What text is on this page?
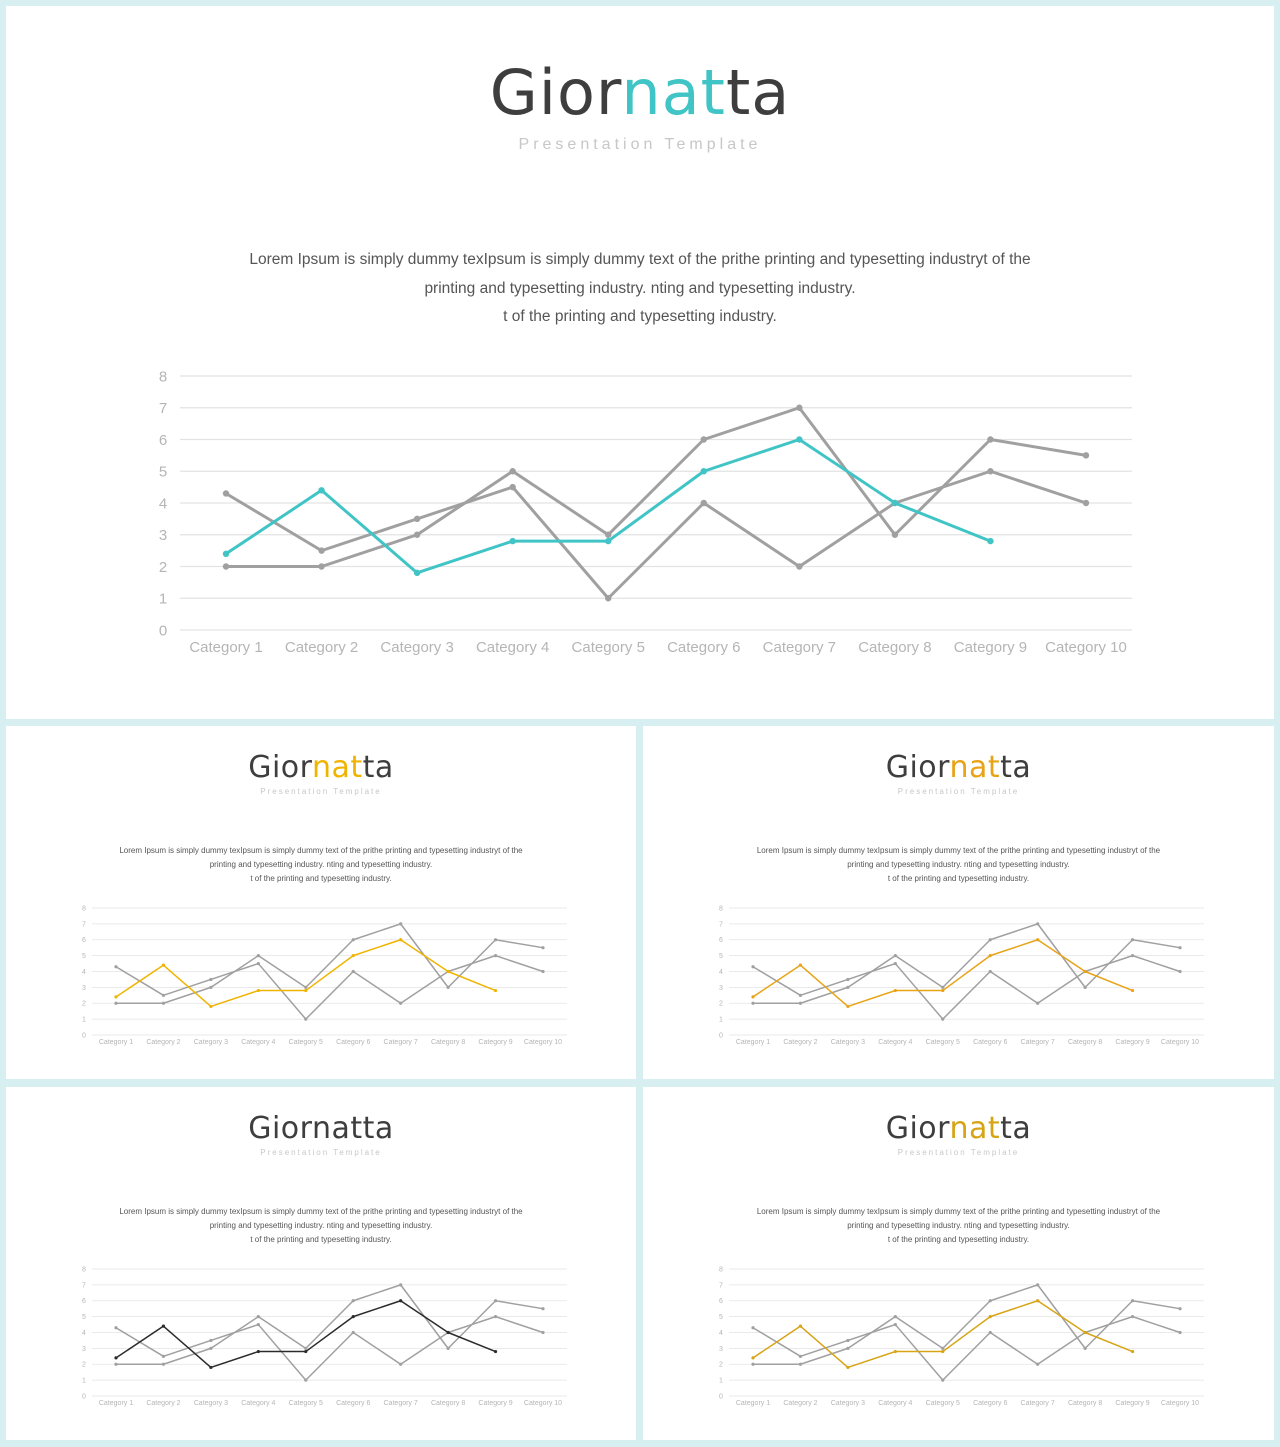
Giornatta
Presentation Template
Lorem Ipsum is simply dummy texIpsum is simply dummy text of the prithe printing and typesetting industryt of the
printing and typesetting industry. nting and typesetting industry.
t of the printing and typesetting industry.
0
1
2
3
4
5
6
7
8
Category 1 Category 2 Category 3 Category 4 Category 5 Category 6 Category 7 Category 8 Category 9 Category 10
Giornatta
Presentation Template
Lorem Ipsum is simply dummy texIpsum is simply dummy text of the prithe printing and typesetting industryt of the
printing and typesetting industry. nting and typesetting industry.
t of the printing and typesetting industry.
0
1
2
3
4
5
6
7
8
Category 1 Category 2 Category 3 Category 4 Category 5 Category 6 Category 7 Category 8 Category 9 Category 10
Giornatta
Presentation Template
Lorem Ipsum is simply dummy texIpsum is simply dummy text of the prithe printing and typesetting industryt of the
printing and typesetting industry. nting and typesetting industry.
t of the printing and typesetting industry.
0
1
2
3
4
5
6
7
8
Category 1 Category 2 Category 3 Category 4 Category 5 Category 6 Category 7 Category 8 Category 9 Category 10
Giornatta
Presentation Template
Lorem Ipsum is simply dummy texIpsum is simply dummy text of the prithe printing and typesetting industryt of the
printing and typesetting industry. nting and typesetting industry.
t of the printing and typesetting industry.
0
1
2
3
4
5
6
7
8
Category 1 Category 2 Category 3 Category 4 Category 5 Category 6 Category 7 Category 8 Category 9 Category 10
Giornatta
Presentation Template
Lorem Ipsum is simply dummy texIpsum is simply dummy text of the prithe printing and typesetting industryt of the
printing and typesetting industry. nting and typesetting industry.
t of the printing and typesetting industry.
0
1
2
3
4
5
6
7
8
Category 1 Category 2 Category 3 Category 4 Category 5 Category 6 Category 7 Category 8 Category 9 Category 10
